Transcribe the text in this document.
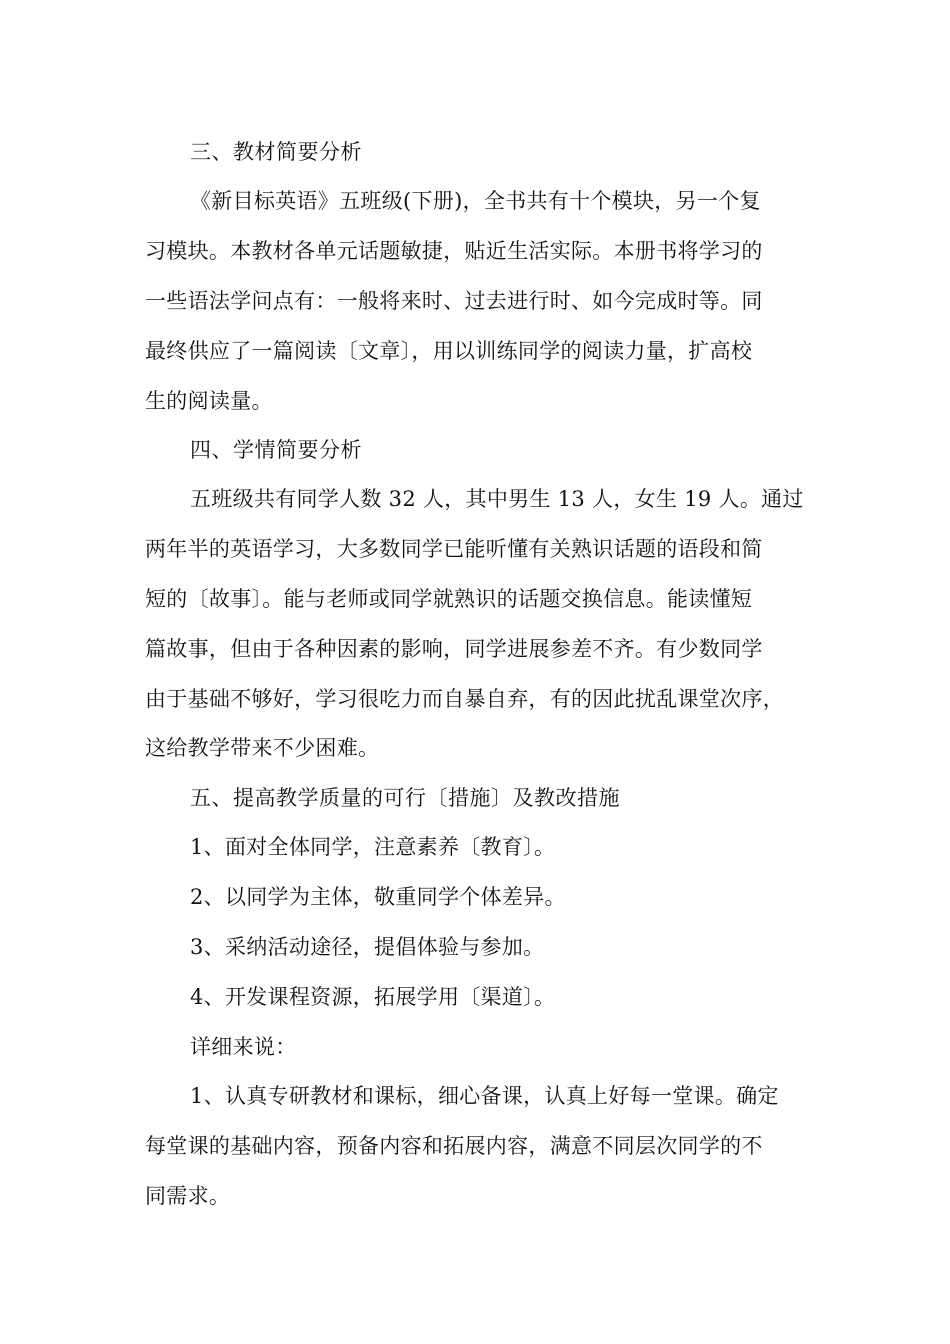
三、教材简要分析
《新目标英语》五班级(下册)，全书共有十个模块，另一个复
习模块。本教材各单元话题敏捷，贴近生活实际。本册书将学习的
一些语法学问点有：一般将来时、过去进行时、如今完成时等。同
最终供应了一篇阅读〔文章〕，用以训练同学的阅读力量，扩高校
生的阅读量。
四、学情简要分析
五班级共有同学人数 32 人，其中男生 13 人，女生 19 人。通过
两年半的英语学习，大多数同学已能听懂有关熟识话题的语段和简
短的〔故事〕。能与老师或同学就熟识的话题交换信息。能读懂短
篇故事，但由于各种因素的影响，同学进展参差不齐。有少数同学
由于基础不够好，学习很吃力而自暴自弃，有的因此扰乱课堂次序，
这给教学带来不少困难。
五、提高教学质量的可行〔措施〕及教改措施
1、面对全体同学，注意素养〔教育〕。
2、以同学为主体，敬重同学个体差异。
3、采纳活动途径，提倡体验与参加。
4、开发课程资源，拓展学用〔渠道〕。
详细来说：
1、认真专研教材和课标，细心备课，认真上好每一堂课。确定
每堂课的基础内容，预备内容和拓展内容，满意不同层次同学的不
同需求。
